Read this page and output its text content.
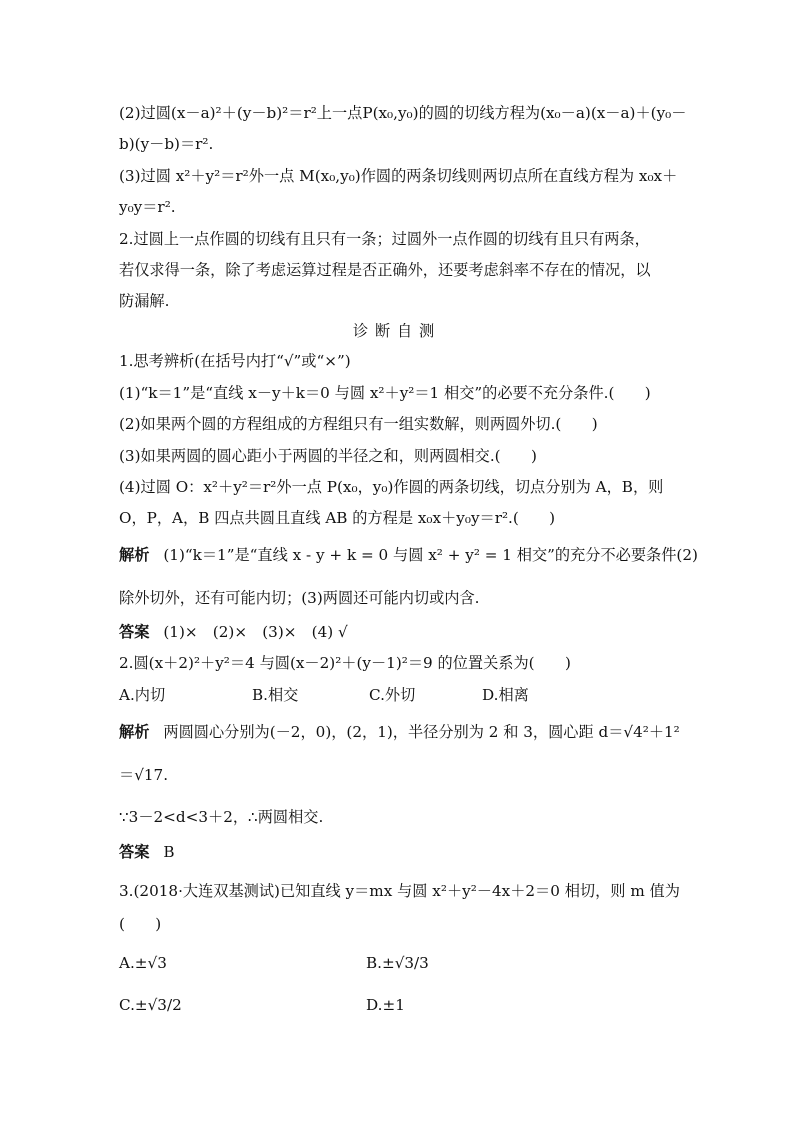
(2)过圆(x－a)²＋(y－b)²＝r²上一点P(x₀,y₀)的圆的切线方程为(x₀－a)(x－a)＋(y₀－
b)(y－b)＝r².
(3)过圆 x²＋y²＝r²外一点 M(x₀,y₀)作圆的两条切线则两切点所在直线方程为 x₀x＋
y₀y＝r².
2.过圆上一点作圆的切线有且只有一条；过圆外一点作圆的切线有且只有两条，
若仅求得一条，除了考虑运算过程是否正确外，还要考虑斜率不存在的情况，以
防漏解.
诊断自测
1.思考辨析(在括号内打“√”或“×”)
(1)“k＝1”是“直线 x－y＋k＝0 与圆 x²＋y²＝1 相交”的必要不充分条件.(　　)
(2)如果两个圆的方程组成的方程组只有一组实数解，则两圆外切.(　　)
(3)如果两圆的圆心距小于两圆的半径之和，则两圆相交.(　　)
(4)过圆 O：x²＋y²＝r²外一点 P(x₀，y₀)作圆的两条切线，切点分别为 A，B，则
O，P，A，B 四点共圆且直线 AB 的方程是 x₀x＋y₀y＝r².(　　)
解析 (1)“k＝1”是“直线 x - y + k = 0 与圆 x² + y² = 1 相交”的充分不必要条件(2)
除外切外，还有可能内切；(3)两圆还可能内切或内含.
答案 (1)×　(2)×　(3)×　(4) √
2.圆(x＋2)²＋y²＝4 与圆(x－2)²＋(y－1)²＝9 的位置关系为(　　)
A.内切	B.相交	C.外切	D.相离
解析 两圆圆心分别为(－2，0)，(2，1)，半径分别为 2 和 3，圆心距 d＝√4²＋1²
＝√17.
∵3－2<d<3＋2，∴两圆相交.
答案 B
3.(2018·大连双基测试)已知直线 y＝mx 与圆 x²＋y²－4x＋2＝0 相切，则 m 值为
(　　)
A.±√3	B.±√3/3
C.±√3/2	D.±1
